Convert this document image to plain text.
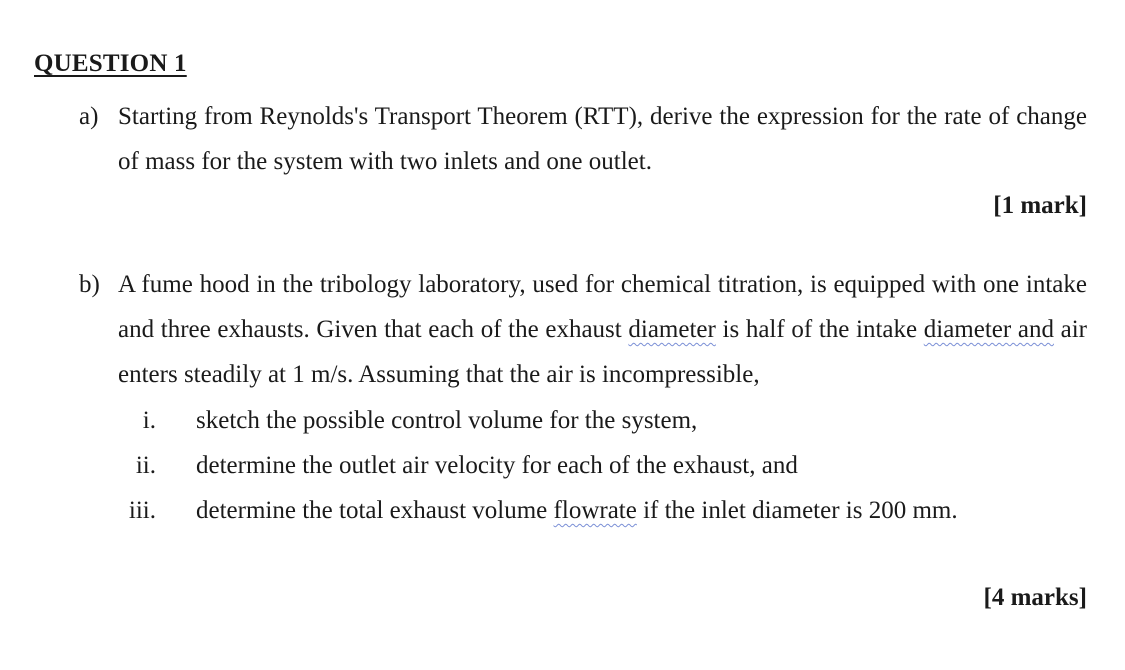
QUESTION 1
a) Starting from Reynolds's Transport Theorem (RTT), derive the expression for the rate of change of mass for the system with two inlets and one outlet.
[1 mark]
b) A fume hood in the tribology laboratory, used for chemical titration, is equipped with one intake and three exhausts. Given that each of the exhaust diameter is half of the intake diameter and air enters steadily at 1 m/s. Assuming that the air is incompressible,
i. sketch the possible control volume for the system,
ii. determine the outlet air velocity for each of the exhaust, and
iii. determine the total exhaust volume flowrate if the inlet diameter is 200 mm.
[4 marks]
